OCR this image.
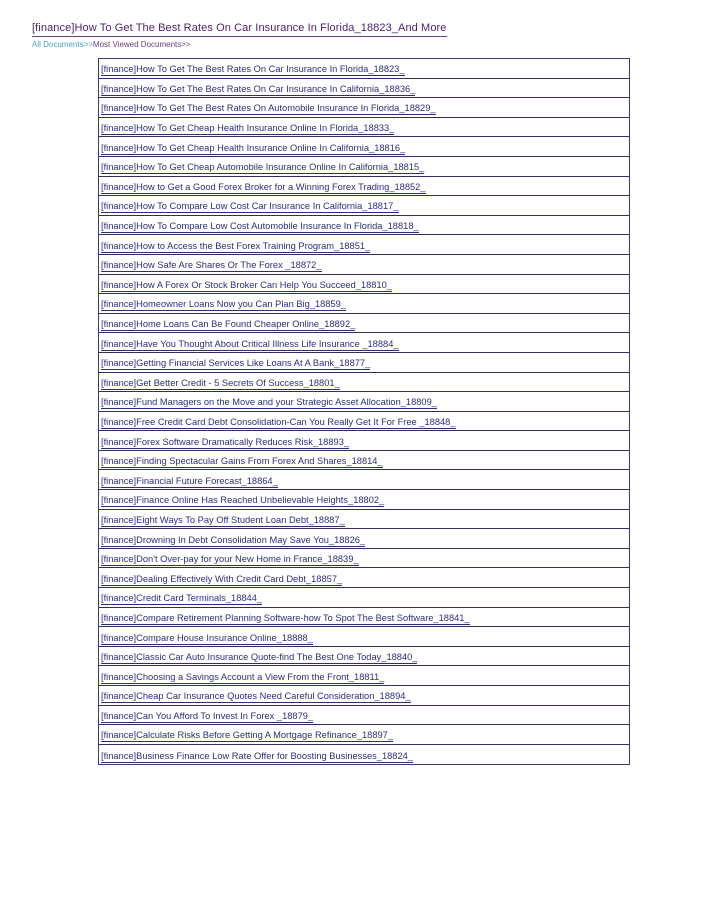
[finance]How To Get The Best Rates On Car Insurance In Florida_18823_And More
All Documents>>Most Viewed Documents>>
[finance]How To Get The Best Rates On Car Insurance In Florida_18823_
[finance]How To Get The Best Rates On Car Insurance In California_18836_
[finance]How To Get The Best Rates On Automobile Insurance In Florida_18829_
[finance]How To Get Cheap Health Insurance Online In Florida_18833_
[finance]How To Get Cheap Health Insurance Online In California_18816_
[finance]How To Get Cheap Automobile Insurance Online In California_18815_
[finance]How to Get a Good Forex Broker for a Winning Forex Trading_18852_
[finance]How To Compare Low Cost Car Insurance In California_18817_
[finance]How To Compare Low Cost Automobile Insurance In Florida_18818_
[finance]How to Access the Best Forex Training Program_18851_
[finance]How Safe Are Shares Or The Forex _18872_
[finance]How A Forex Or Stock Broker Can Help You Succeed_18810_
[finance]Homeowner Loans Now you Can Plan Big_18859_
[finance]Home Loans Can Be Found Cheaper Online_18892_
[finance]Have You Thought About Critical Illness Life Insurance _18884_
[finance]Getting Financial Services Like Loans At A Bank_18877_
[finance]Get Better Credit - 5 Secrets Of Success_18801_
[finance]Fund Managers on the Move and your Strategic Asset Allocation_18809_
[finance]Free Credit Card Debt Consolidation-Can You Really Get It For Free _18848_
[finance]Forex Software Dramatically Reduces Risk_18893_
[finance]Finding Spectacular Gains From Forex And Shares_18814_
[finance]Financial Future Forecast_18864_
[finance]Finance Online Has Reached Unbelievable Heights_18802_
[finance]Eight Ways To Pay Off Student Loan Debt_18887_
[finance]Drowning In Debt Consolidation May Save You_18826_
[finance]Don't Over-pay for your New Home in France_18839_
[finance]Dealing Effectively With Credit Card Debt_18857_
[finance]Credit Card Terminals_18844_
[finance]Compare Retirement Planning Software-how To Spot The Best Software_18841_
[finance]Compare House Insurance Online_18888_
[finance]Classic Car Auto Insurance Quote-find The Best One Today_18840_
[finance]Choosing a Savings Account a View From the Front_18811_
[finance]Cheap Car Insurance Quotes Need Careful Consideration_18894_
[finance]Can You Afford To Invest In Forex _18879_
[finance]Calculate Risks Before Getting A Mortgage Refinance_18897_
[finance]Business Finance Low Rate Offer for Boosting Businesses_18824_
